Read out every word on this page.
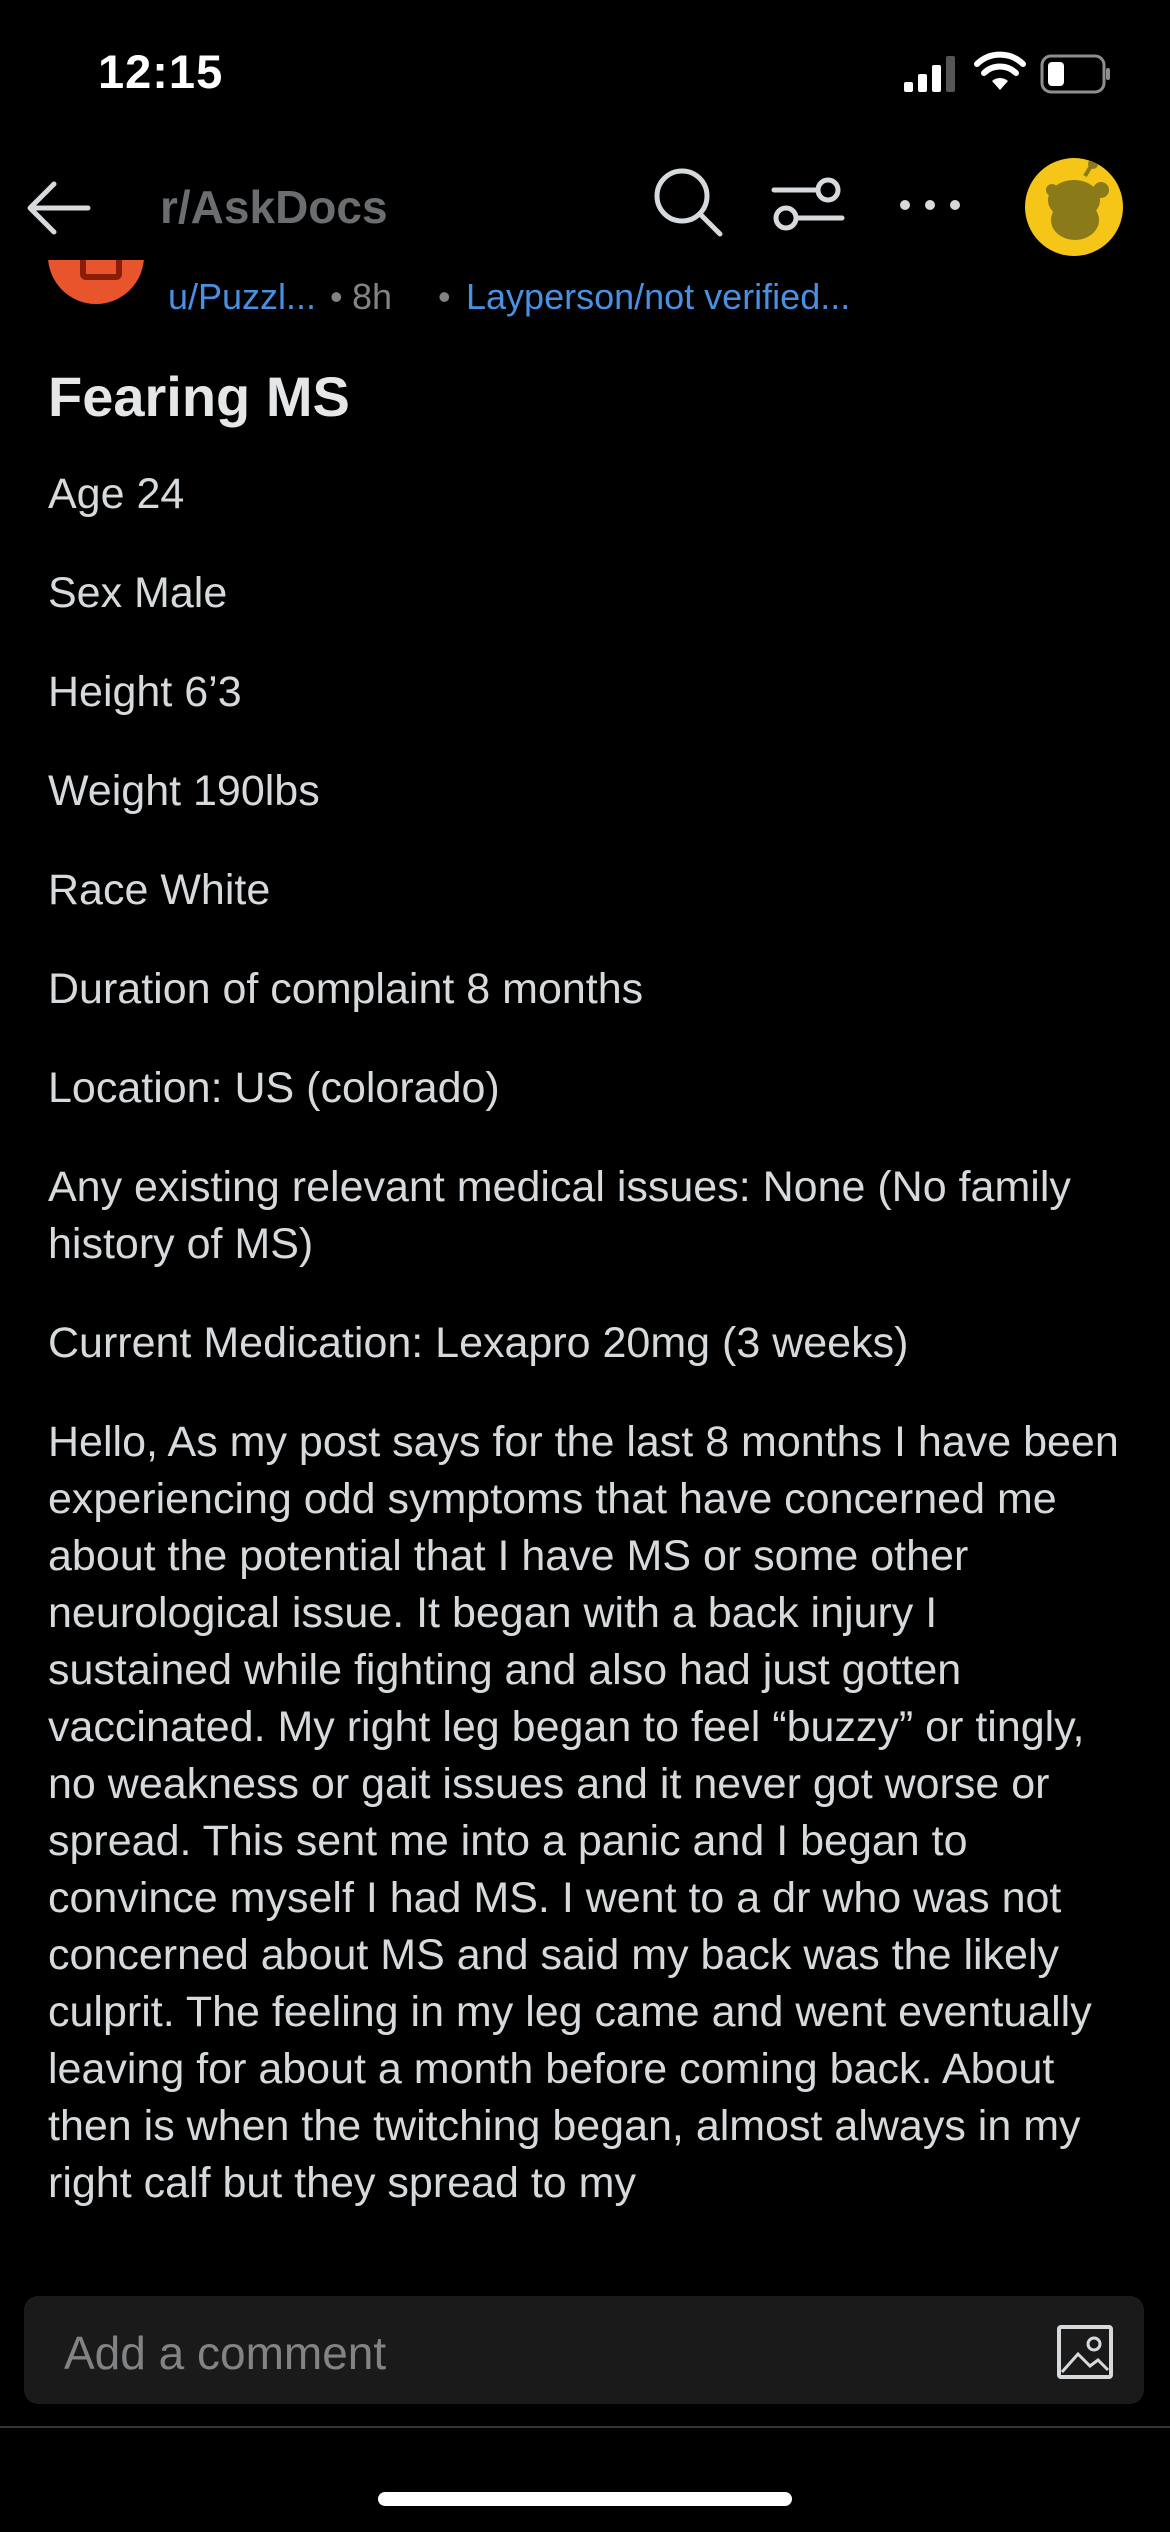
12:15
r/AskDocs
u/Puzzl... • 8h • Layperson/not verified...
Fearing MS

Age 24

Sex Male

Height 6’3

Weight 190lbs

Race White

Duration of complaint 8 months

Location: US (colorado)

Any existing relevant medical issues: None (No family history of MS)

Current Medication: Lexapro 20mg (3 weeks)

Hello, As my post says for the last 8 months I have been experiencing odd symptoms that have concerned me about the potential that I have MS or some other neurological issue. It began with a back injury I sustained while fighting and also had just gotten vaccinated. My right leg began to feel “buzzy” or tingly, no weakness or gait issues and it never got worse or spread. This sent me into a panic and I began to convince myself I had MS. I went to a dr who was not concerned about MS and said my back was the likely culprit. The feeling in my leg came and went eventually leaving for about a month before coming back. About then is when the twitching began, almost always in my right calf but they spread to my

Add a comment
